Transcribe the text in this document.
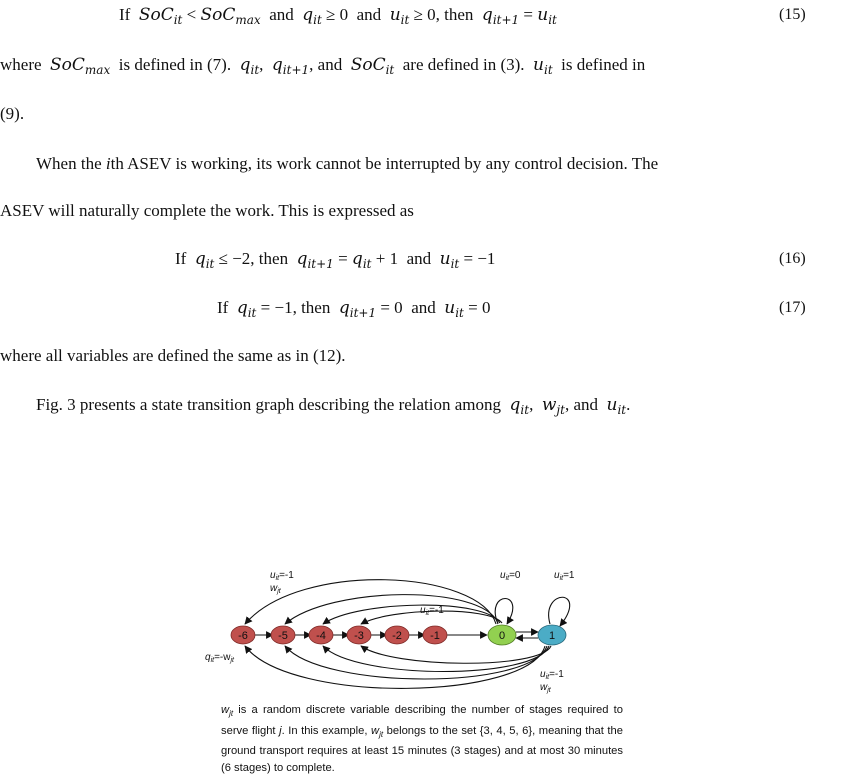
If SoC$_{it}$ < SoC$_{max}$ and $q_{it} \ge 0$ and $u_{it} \ge 0$, then $q_{it+1} = u_{it}$	(15)
where SoC$_{max}$ is defined in (7). $q_{it}$,  $q_{it+1}$, and SoC$_{it}$ are defined in (3). $u_{it}$ is defined in
(9).
When the ith ASEV is working, its work cannot be interrupted by any control decision. The
ASEV will naturally complete the work. This is expressed as
If $q_{it} \le -2$, then $q_{it+1} = q_{it} + 1$ and $u_{it} = -1$	(16)
If $q_{it} = -1$, then $q_{it+1} = 0$ and $u_{it} = 0$	(17)
where all variables are defined the same as in (12).
Fig. 3 presents a state transition graph describing the relation among $q_{it}$, $w_{jt}$, and $u_{it}$.
-6	-5	-4	-3	-2	-1	0	1
$u_{it}=-1$
$w_{jt}$
$u_{it}=-1$
$u_{it}=0$	$u_{it}=1$
$q_{it}=-w_{jt}$
$u_{it}=-1$
$w_{jt}$
$w_{jt}$ is a random discrete variable describing the number of stages required to serve flight j. In this example, $w_{jt}$ belongs to the set {3, 4, 5, 6}, meaning that the ground transport requires at least 15 minutes (3 stages) and at most 30 minutes (6 stages) to complete.
